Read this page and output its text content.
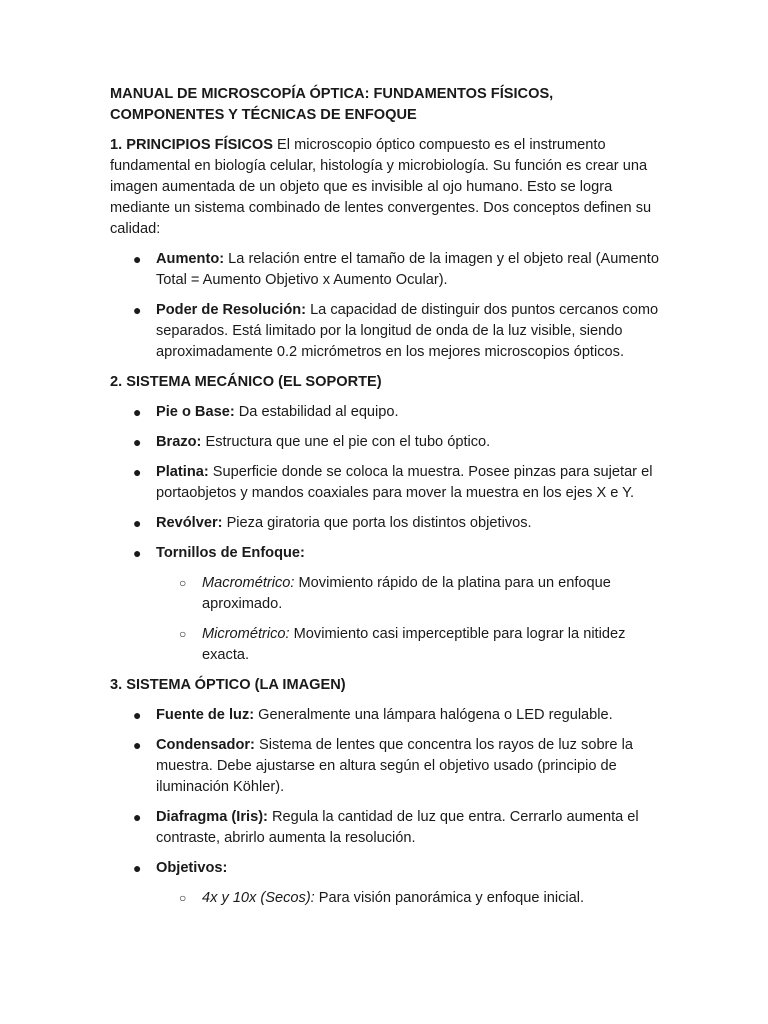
MANUAL DE MICROSCOPÍA ÓPTICA: FUNDAMENTOS FÍSICOS,
COMPONENTES Y TÉCNICAS DE ENFOQUE

1. PRINCIPIOS FÍSICOS El microscopio óptico compuesto es el instrumento fundamental en biología celular, histología y microbiología. Su función es crear una imagen aumentada de un objeto que es invisible al ojo humano. Esto se logra mediante un sistema combinado de lentes convergentes. Dos conceptos definen su calidad:

● Aumento: La relación entre el tamaño de la imagen y el objeto real (Aumento Total = Aumento Objetivo x Aumento Ocular).
● Poder de Resolución: La capacidad de distinguir dos puntos cercanos como separados. Está limitado por la longitud de onda de la luz visible, siendo aproximadamente 0.2 micrómetros en los mejores microscopios ópticos.
2. SISTEMA MECÁNICO (EL SOPORTE)
● Pie o Base: Da estabilidad al equipo.
● Brazo: Estructura que une el pie con el tubo óptico.
● Platina: Superficie donde se coloca la muestra. Posee pinzas para sujetar el portaobjetos y mandos coaxiales para mover la muestra en los ejes X e Y.
● Revólver: Pieza giratoria que porta los distintos objetivos.
● Tornillos de Enfoque:
○ Macrométrico: Movimiento rápido de la platina para un enfoque aproximado.
○ Micrométrico: Movimiento casi imperceptible para lograr la nitidez exacta.
3. SISTEMA ÓPTICO (LA IMAGEN)
● Fuente de luz: Generalmente una lámpara halógena o LED regulable.
● Condensador: Sistema de lentes que concentra los rayos de luz sobre la muestra. Debe ajustarse en altura según el objetivo usado (principio de iluminación Köhler).
● Diafragma (Iris): Regula la cantidad de luz que entra. Cerrarlo aumenta el contraste, abrirlo aumenta la resolución.
● Objetivos:
○ 4x y 10x (Secos): Para visión panorámica y enfoque inicial.
